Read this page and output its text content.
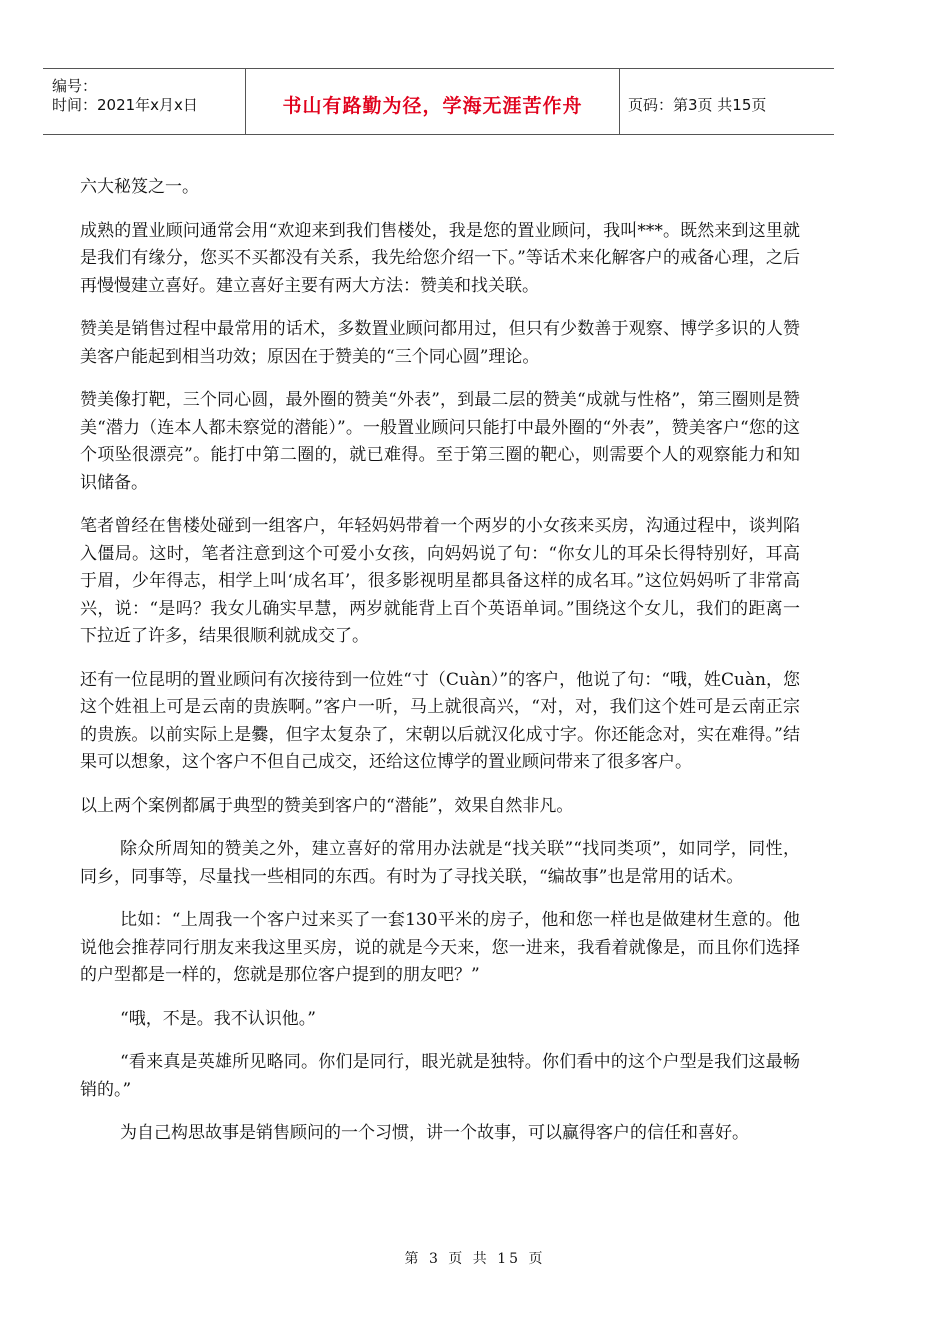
编号：
时间：2021年x月x日	书山有路勤为径，学海无涯苦作舟	页码：第3页 共15页

六大秘笈之一。

成熟的置业顾问通常会用“欢迎来到我们售楼处，我是您的置业顾问，我叫***。既然来到这里就是我们有缘分，您买不买都没有关系，我先给您介绍一下。”等话术来化解客户的戒备心理，之后再慢慢建立喜好。建立喜好主要有两大方法：赞美和找关联。

赞美是销售过程中最常用的话术，多数置业顾问都用过，但只有少数善于观察、博学多识的人赞美客户能起到相当功效；原因在于赞美的“三个同心圆”理论。

赞美像打靶，三个同心圆，最外圈的赞美“外表”，到最二层的赞美“成就与性格”，第三圈则是赞美“潜力（连本人都未察觉的潜能）”。一般置业顾问只能打中最外圈的“外表”，赞美客户“您的这个项坠很漂亮”。能打中第二圈的，就已难得。至于第三圈的靶心，则需要个人的观察能力和知识储备。

笔者曾经在售楼处碰到一组客户，年轻妈妈带着一个两岁的小女孩来买房，沟通过程中，谈判陷入僵局。这时，笔者注意到这个可爱小女孩，向妈妈说了句：“你女儿的耳朵长得特别好，耳高于眉，少年得志，相学上叫‘成名耳’，很多影视明星都具备这样的成名耳。”这位妈妈听了非常高兴，说：“是吗？我女儿确实早慧，两岁就能背上百个英语单词。”围绕这个女儿，我们的距离一下拉近了许多，结果很顺利就成交了。

还有一位昆明的置业顾问有次接待到一位姓“寸（Cuàn）”的客户，他说了句：“哦，姓Cuàn，您这个姓祖上可是云南的贵族啊。”客户一听，马上就很高兴，“对，对，我们这个姓可是云南正宗的贵族。以前实际上是爨，但字太复杂了，宋朝以后就汉化成寸字。你还能念对，实在难得。”结果可以想象，这个客户不但自己成交，还给这位博学的置业顾问带来了很多客户。

以上两个案例都属于典型的赞美到客户的“潜能”，效果自然非凡。

除众所周知的赞美之外，建立喜好的常用办法就是“找关联”“找同类项”，如同学，同性，同乡，同事等，尽量找一些相同的东西。有时为了寻找关联，“编故事”也是常用的话术。

比如：“上周我一个客户过来买了一套130平米的房子，他和您一样也是做建材生意的。他说他会推荐同行朋友来我这里买房，说的就是今天来，您一进来，我看着就像是，而且你们选择的户型都是一样的，您就是那位客户提到的朋友吧？”

“哦，不是。我不认识他。”

“看来真是英雄所见略同。你们是同行，眼光就是独特。你们看中的这个户型是我们这最畅销的。”

为自己构思故事是销售顾问的一个习惯，讲一个故事，可以赢得客户的信任和喜好。

第 3 页 共 15 页
